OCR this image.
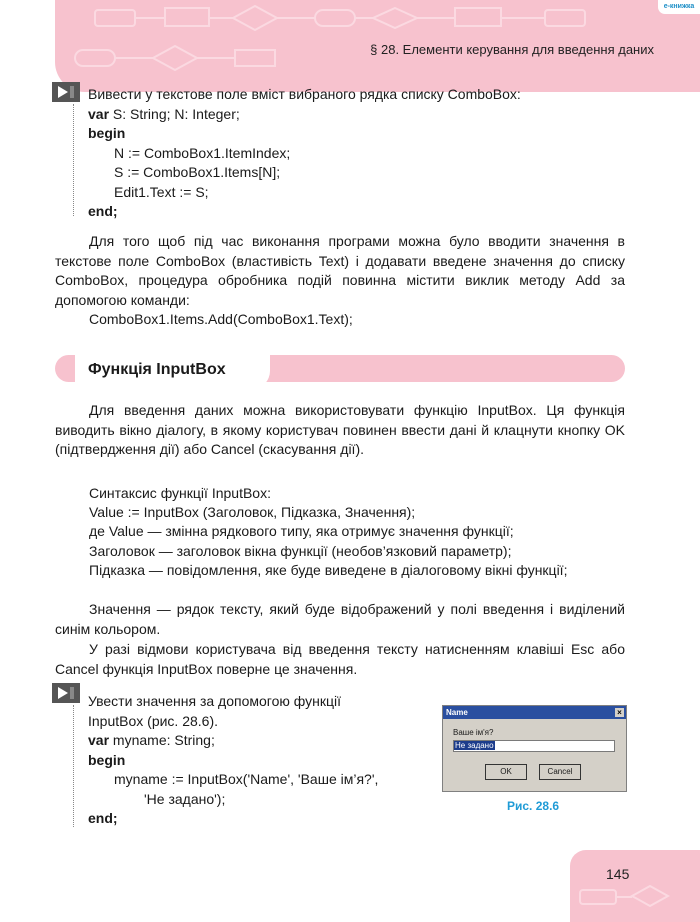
e-книжка
§ 28. Елементи керування для введення даних
Вивести у текстове поле вміст вибраного рядка списку ComboBox:
var S: String; N: Integer;
begin
N := ComboBox1.ItemIndex;
S := ComboBox1.Items[N];
Edit1.Text := S;
end;
Для того щоб під час виконання програми можна було вводити значення в текстове поле ComboBox (властивість Text) і додавати введене значення до списку ComboBox, процедура обробника подій повинна містити виклик методу Add за допомогою команди:
ComboBox1.Items.Add(ComboBox1.Text);
Функція InputBox
Для введення даних можна використовувати функцію InputBox. Ця функція виводить вікно діалогу, в якому користувач повинен ввести дані й клацнути кнопку OK (підтвердження дії) або Cancel (скасування дії).
Синтаксис функції InputBox:
Value := InputBox (Заголовок, Підказка, Значення);
де Value — змінна рядкового типу, яка отримує значення функції;
Заголовок — заголовок вікна функції (необов’язковий параметр);
Підказка — повідомлення, яке буде виведене в діалоговому вікні функції;
Значення — рядок тексту, який буде відображений у полі введення і виділений синім кольором.
У разі відмови користувача від введення тексту натисненням клавіші Esc або Cancel функція InputBox поверне це значення.
Увести значення за допомогою функції
InputBox (рис. 28.6).
var myname: String;
begin
myname := InputBox('Name', 'Ваше ім’я?',
'Не задано');
end;
Name	×
Ваше ім'я?
Не задано
OK	Cancel
Рис. 28.6
145
